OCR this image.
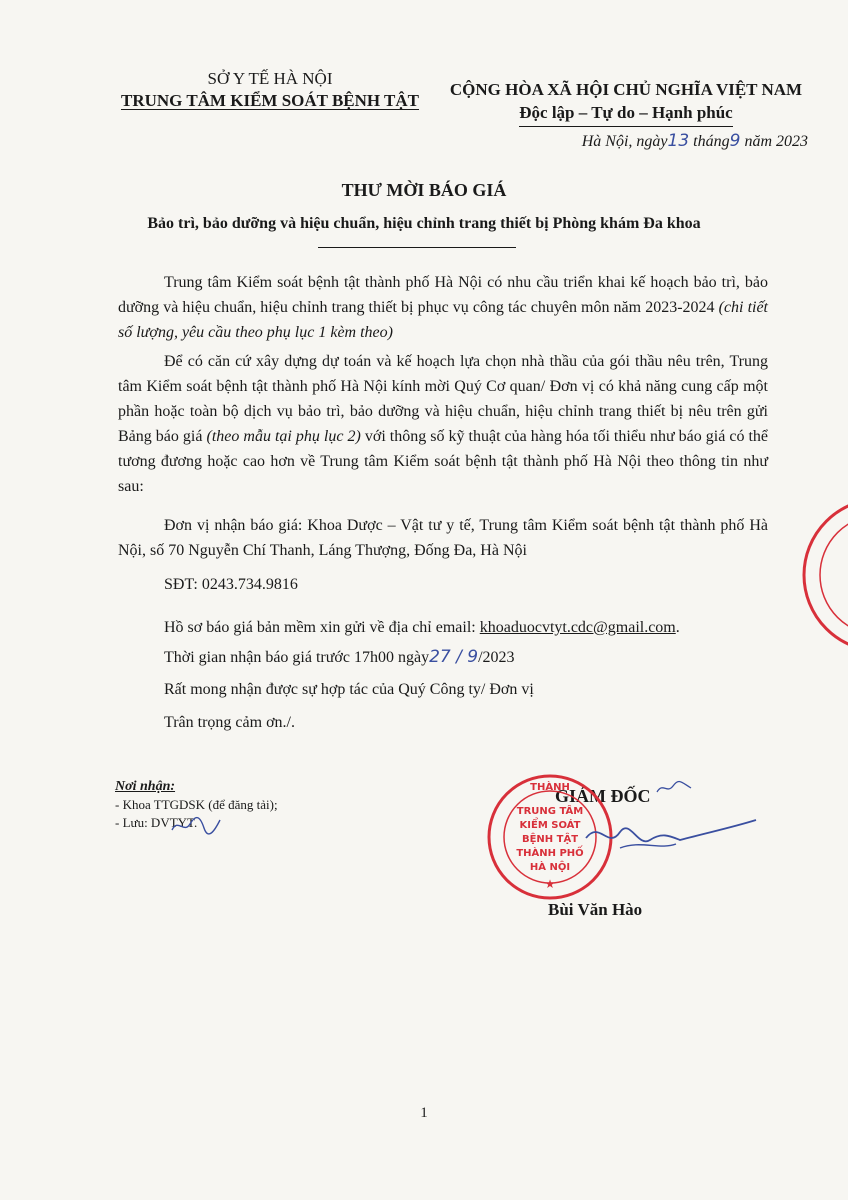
SỞ Y TẾ HÀ NỘI
TRUNG TÂM KIỂM SOÁT BỆNH TẬT
CỘNG HÒA XÃ HỘI CHỦ NGHĨA VIỆT NAM
Độc lập – Tự do – Hạnh phúc
Hà Nội, ngày13 tháng9 năm 2023
THƯ MỜI BÁO GIÁ
Bảo trì, bảo dưỡng và hiệu chuẩn, hiệu chỉnh trang thiết bị Phòng khám Đa khoa
Trung tâm Kiểm soát bệnh tật thành phố Hà Nội có nhu cầu triển khai kế hoạch bảo trì, bảo dưỡng và hiệu chuẩn, hiệu chỉnh trang thiết bị phục vụ công tác chuyên môn năm 2023-2024 (chi tiết số lượng, yêu cầu theo phụ lục 1 kèm theo)
Để có căn cứ xây dựng dự toán và kế hoạch lựa chọn nhà thầu của gói thầu nêu trên, Trung tâm Kiểm soát bệnh tật thành phố Hà Nội kính mời Quý Cơ quan/ Đơn vị có khả năng cung cấp một phần hoặc toàn bộ dịch vụ bảo trì, bảo dưỡng và hiệu chuẩn, hiệu chỉnh trang thiết bị nêu trên gửi Bảng báo giá (theo mẫu tại phụ lục 2) với thông số kỹ thuật của hàng hóa tối thiểu như báo giá có thể tương đương hoặc cao hơn về Trung tâm Kiểm soát bệnh tật thành phố Hà Nội theo thông tin như sau:
Đơn vị nhận báo giá: Khoa Dược – Vật tư y tế, Trung tâm Kiểm soát bệnh tật thành phố Hà Nội, số 70 Nguyễn Chí Thanh, Láng Thượng, Đống Đa, Hà Nội
SĐT: 0243.734.9816
Hồ sơ báo giá bản mềm xin gửi về địa chỉ email: khoaduocvtyt.cdc@gmail.com.
Thời gian nhận báo giá trước 17h00 ngày27 / 9/2023
Rất mong nhận được sự hợp tác của Quý Công ty/ Đơn vị
Trân trọng cảm ơn./.
Nơi nhận:
- Khoa TTGDSK (để đăng tải);
- Lưu: DVTYT.
GIÁM ĐỐC
THÀNH
TRUNG TÂM
KIỂM SOÁT
BỆNH TẬT
THÀNH PHỐ
HÀ NỘI
★
Bùi Văn Hào
1
